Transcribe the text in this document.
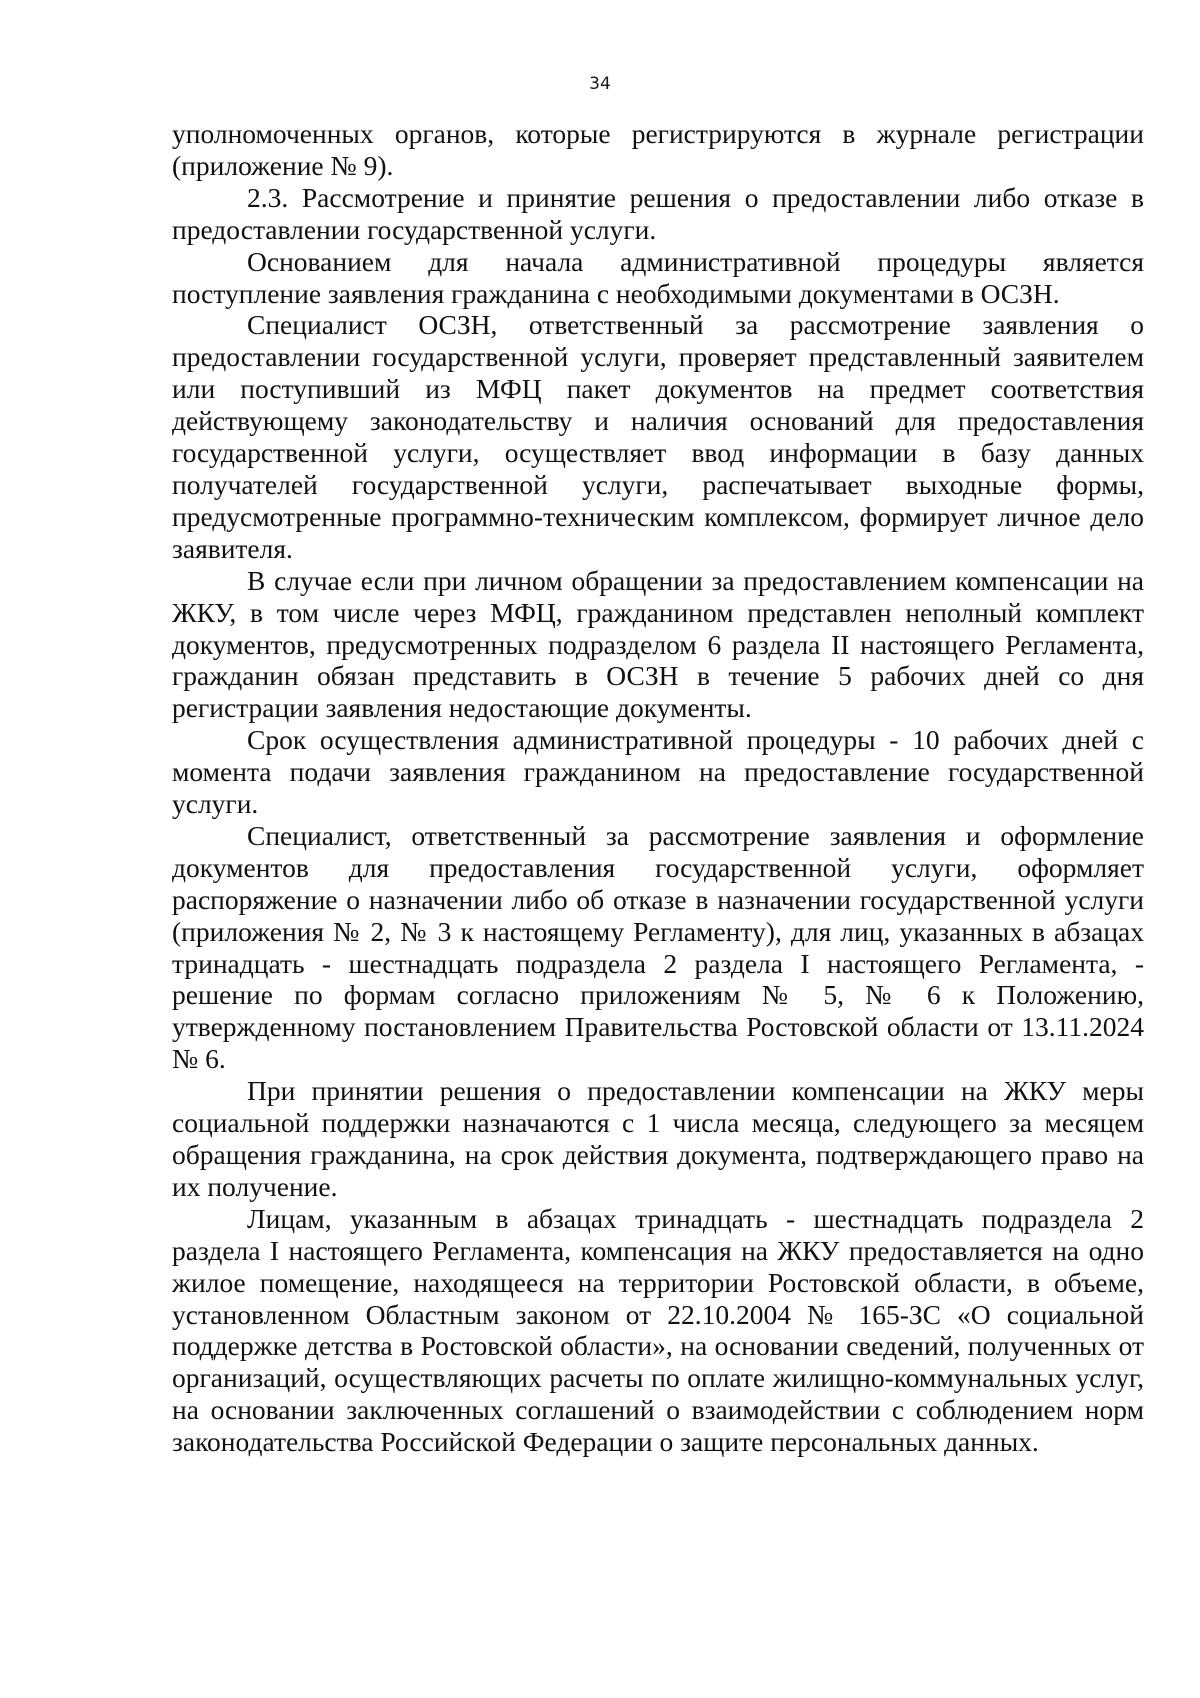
34

уполномоченных органов, которые регистрируются в журнале регистрации (приложение № 9).

2.3. Рассмотрение и принятие решения о предоставлении либо отказе в предоставлении государственной услуги.

Основанием для начала административной процедуры является поступление заявления гражданина с необходимыми документами в ОСЗН.

Специалист ОСЗН, ответственный за рассмотрение заявления о предоставлении государственной услуги, проверяет представленный заявителем или поступивший из МФЦ пакет документов на предмет соответствия действующему законодательству и наличия оснований для предоставления государственной услуги, осуществляет ввод информации в базу данных получателей государственной услуги, распечатывает выходные формы, предусмотренные программно-техническим комплексом, формирует личное дело заявителя.

В случае если при личном обращении за предоставлением компенсации на ЖКУ, в том числе через МФЦ, гражданином представлен неполный комплект документов, предусмотренных подразделом 6 раздела II настоящего Регламента, гражданин обязан представить в ОСЗН в течение 5 рабочих дней со дня регистрации заявления недостающие документы.

Срок осуществления административной процедуры - 10 рабочих дней с момента подачи заявления гражданином на предоставление государственной услуги.

Специалист, ответственный за рассмотрение заявления и оформление документов для предоставления государственной услуги, оформляет распоряжение о назначении либо об отказе в назначении государственной услуги (приложения № 2, № 3 к настоящему Регламенту), для лиц, указанных в абзацах тринадцать - шестнадцать подраздела 2 раздела I настоящего Регламента, - решение по формам согласно приложениям № 5, № 6 к Положению, утвержденному постановлением Правительства Ростовской области от 13.11.2024 № 6.

При принятии решения о предоставлении компенсации на ЖКУ меры социальной поддержки назначаются с 1 числа месяца, следующего за месяцем обращения гражданина, на срок действия документа, подтверждающего право на их получение.

Лицам, указанным в абзацах тринадцать - шестнадцать подраздела 2 раздела I настоящего Регламента, компенсация на ЖКУ предоставляется на одно жилое помещение, находящееся на территории Ростовской области, в объеме, установленном Областным законом от 22.10.2004 № 165-ЗС «О социальной поддержке детства в Ростовской области», на основании сведений, полученных от организаций, осуществляющих расчеты по оплате жилищно-коммунальных услуг, на основании заключенных соглашений о взаимодействии с соблюдением норм законодательства Российской Федерации о защите персональных данных.
